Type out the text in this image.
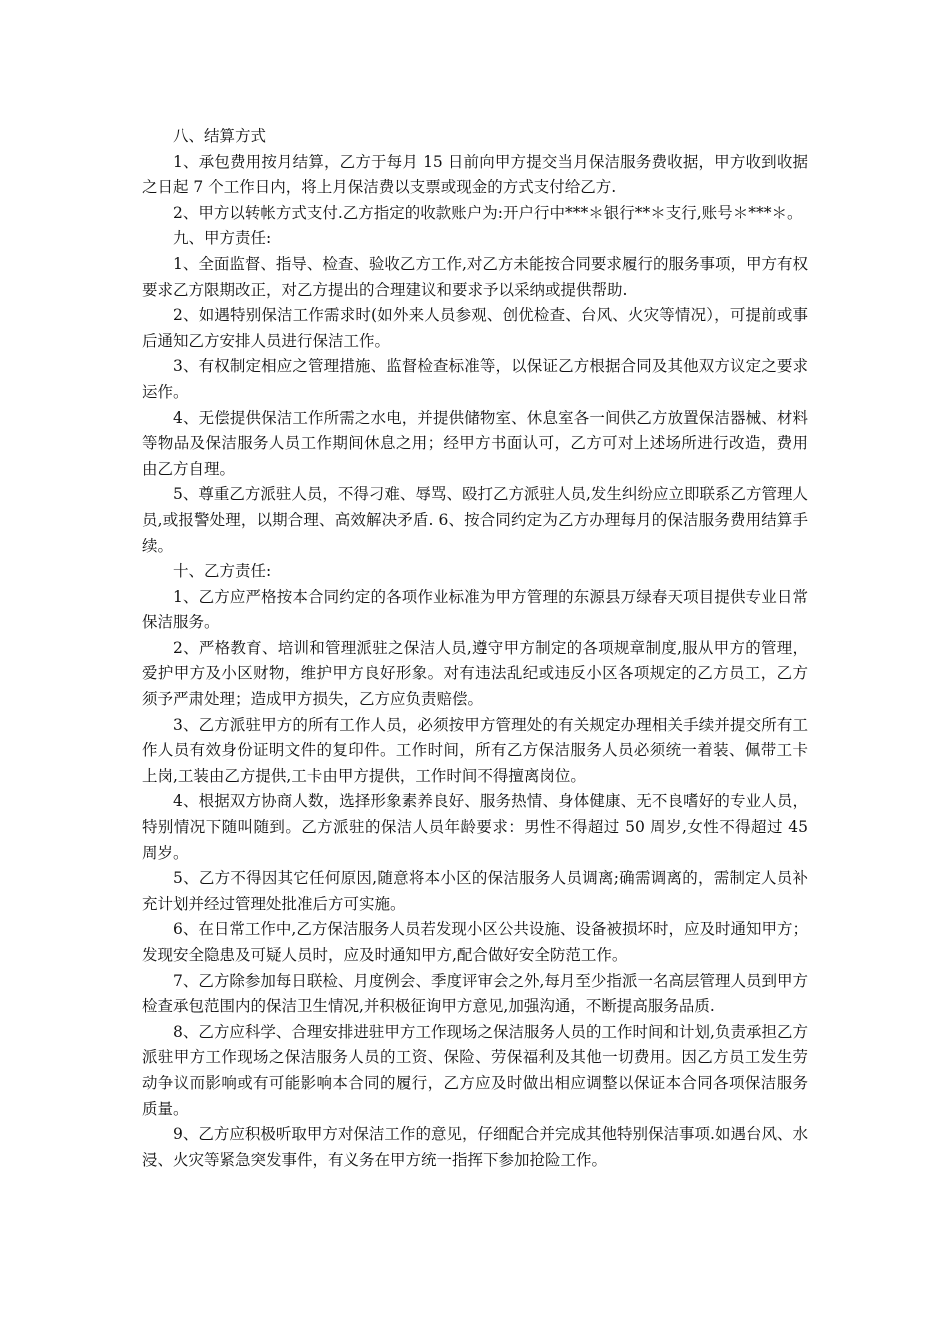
八、结算方式

1、承包费用按月结算，乙方于每月 15 日前向甲方提交当月保洁服务费收据，甲方收到收据之日起 7 个工作日内，将上月保洁费以支票或现金的方式支付给乙方.

2、甲方以转帐方式支付.乙方指定的收款账户为:开户行中***＊银行**＊支行,账号＊***＊。

九、甲方责任:

1、全面监督、指导、检查、验收乙方工作,对乙方未能按合同要求履行的服务事项，甲方有权要求乙方限期改正，对乙方提出的合理建议和要求予以采纳或提供帮助.

2、如遇特别保洁工作需求时(如外来人员参观、创优检查、台风、火灾等情况），可提前或事后通知乙方安排人员进行保洁工作。

3、有权制定相应之管理措施、监督检查标准等，以保证乙方根据合同及其他双方议定之要求运作。

4、无偿提供保洁工作所需之水电，并提供储物室、休息室各一间供乙方放置保洁器械、材料等物品及保洁服务人员工作期间休息之用；经甲方书面认可，乙方可对上述场所进行改造，费用由乙方自理。

5、尊重乙方派驻人员，不得刁难、辱骂、殴打乙方派驻人员,发生纠纷应立即联系乙方管理人员,或报警处理，以期合理、高效解决矛盾. 6、按合同约定为乙方办理每月的保洁服务费用结算手续。

十、乙方责任:

1、乙方应严格按本合同约定的各项作业标准为甲方管理的东源县万绿春天项目提供专业日常保洁服务。

2、严格教育、培训和管理派驻之保洁人员,遵守甲方制定的各项规章制度,服从甲方的管理，爱护甲方及小区财物，维护甲方良好形象。对有违法乱纪或违反小区各项规定的乙方员工，乙方须予严肃处理；造成甲方损失，乙方应负责赔偿。

3、乙方派驻甲方的所有工作人员，必须按甲方管理处的有关规定办理相关手续并提交所有工作人员有效身份证明文件的复印件。工作时间，所有乙方保洁服务人员必须统一着装、佩带工卡上岗,工装由乙方提供,工卡由甲方提供，工作时间不得擅离岗位。

4、根据双方协商人数，选择形象素养良好、服务热情、身体健康、无不良嗜好的专业人员，特别情况下随叫随到。乙方派驻的保洁人员年龄要求：男性不得超过 50 周岁,女性不得超过 45 周岁。

5、乙方不得因其它任何原因,随意将本小区的保洁服务人员调离;确需调离的，需制定人员补充计划并经过管理处批准后方可实施。

6、在日常工作中,乙方保洁服务人员若发现小区公共设施、设备被损坏时，应及时通知甲方；发现安全隐患及可疑人员时，应及时通知甲方,配合做好安全防范工作。

7、乙方除参加每日联检、月度例会、季度评审会之外,每月至少指派一名高层管理人员到甲方检查承包范围内的保洁卫生情况,并积极征询甲方意见,加强沟通，不断提高服务品质.

8、乙方应科学、合理安排进驻甲方工作现场之保洁服务人员的工作时间和计划,负责承担乙方派驻甲方工作现场之保洁服务人员的工资、保险、劳保福利及其他一切费用。因乙方员工发生劳动争议而影响或有可能影响本合同的履行，乙方应及时做出相应调整以保证本合同各项保洁服务质量。

9、乙方应积极听取甲方对保洁工作的意见，仔细配合并完成其他特别保洁事项.如遇台风、水浸、火灾等紧急突发事件，有义务在甲方统一指挥下参加抢险工作。
